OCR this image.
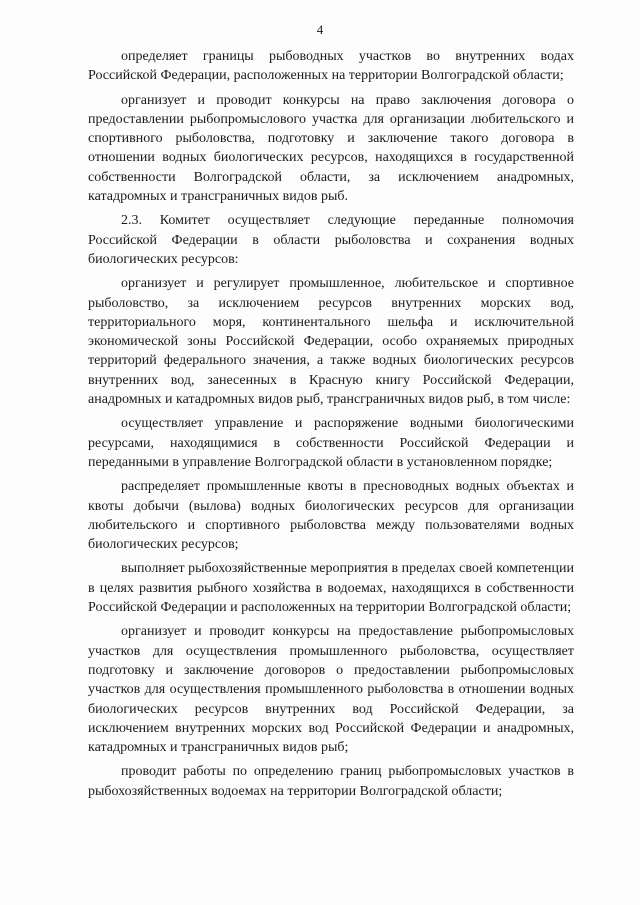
4

определяет границы рыбоводных участков во внутренних водах Российской Федерации, расположенных на территории Волгоградской области;

организует и проводит конкурсы на право заключения договора о предоставлении рыбопромыслового участка для организации любительского и спортивного рыболовства, подготовку и заключение такого договора в отношении водных биологических ресурсов, находящихся в государственной собственности Волгоградской области, за исключением анадромных, катадромных и трансграничных видов рыб.

2.3. Комитет осуществляет следующие переданные полномочия Российской Федерации в области рыболовства и сохранения водных биологических ресурсов:

организует и регулирует промышленное, любительское и спортивное рыболовство, за исключением ресурсов внутренних морских вод, территориального моря, континентального шельфа и исключительной экономической зоны Российской Федерации, особо охраняемых природных территорий федерального значения, а также водных биологических ресурсов внутренних вод, занесенных в Красную книгу Российской Федерации, анадромных и катадромных видов рыб, трансграничных видов рыб, в том числе:

осуществляет управление и распоряжение водными биологическими ресурсами, находящимися в собственности Российской Федерации и переданными в управление Волгоградской области в установленном порядке;

распределяет промышленные квоты в пресноводных водных объектах и квоты добычи (вылова) водных биологических ресурсов для организации любительского и спортивного рыболовства между пользователями водных биологических ресурсов;

выполняет рыбохозяйственные мероприятия в пределах своей компетенции в целях развития рыбного хозяйства в водоемах, находящихся в собственности Российской Федерации и расположенных на территории Волгоградской области;

организует и проводит конкурсы на предоставление рыбопромысловых участков для осуществления промышленного рыболовства, осуществляет подготовку и заключение договоров о предоставлении рыбопромысловых участков для осуществления промышленного рыболовства в отношении водных биологических ресурсов внутренних вод Российской Федерации, за исключением внутренних морских вод Российской Федерации и анадромных, катадромных и трансграничных видов рыб;

проводит работы по определению границ рыбопромысловых участков в рыбохозяйственных водоемах на территории Волгоградской области;
